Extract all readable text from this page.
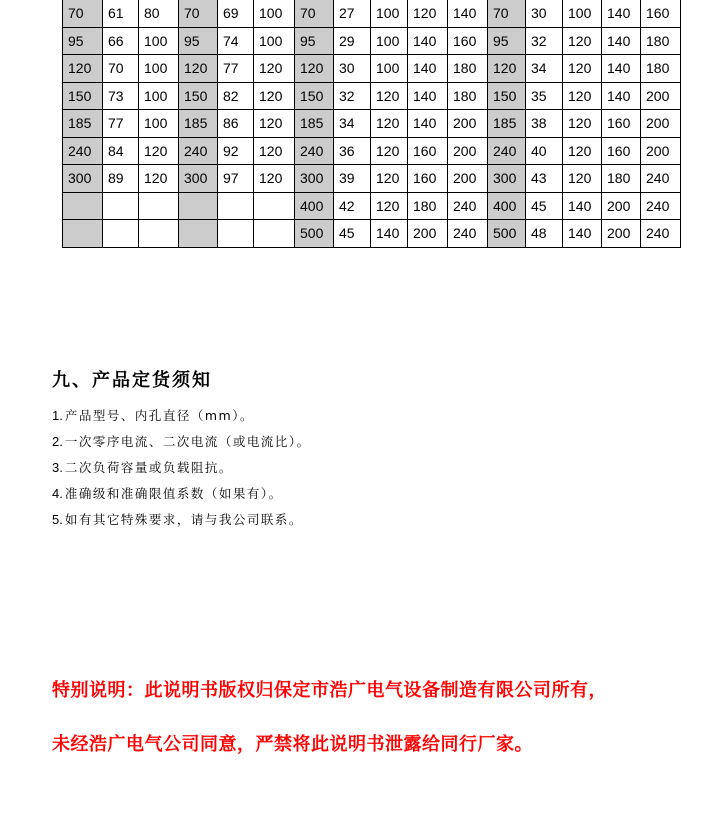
70	61	80	70	69	100	70	27	100	120	140	70	30	100	140	160
95	66	100	95	74	100	95	29	100	140	160	95	32	120	140	180
120	70	100	120	77	120	120	30	100	140	180	120	34	120	140	180
150	73	100	150	82	120	150	32	120	140	180	150	35	120	140	200
185	77	100	185	86	120	185	34	120	140	200	185	38	120	160	200
240	84	120	240	92	120	240	36	120	160	200	240	40	120	160	200
300	89	120	300	97	120	300	39	120	160	200	300	43	120	180	240
						400	42	120	180	240	400	45	140	200	240
						500	45	140	200	240	500	48	140	200	240
九、产品定货须知
1. 产品型号、内孔直径（mm）。
2. 一次零序电流、二次电流（或电流比）。
3. 二次负荷容量或负载阻抗。
4. 准确级和准确限值系数（如果有）。
5. 如有其它特殊要求，请与我公司联系。

特别说明：此说明书版权归保定市浩广电气设备制造有限公司所有，

未经浩广电气公司同意，严禁将此说明书泄露给同行厂家。
